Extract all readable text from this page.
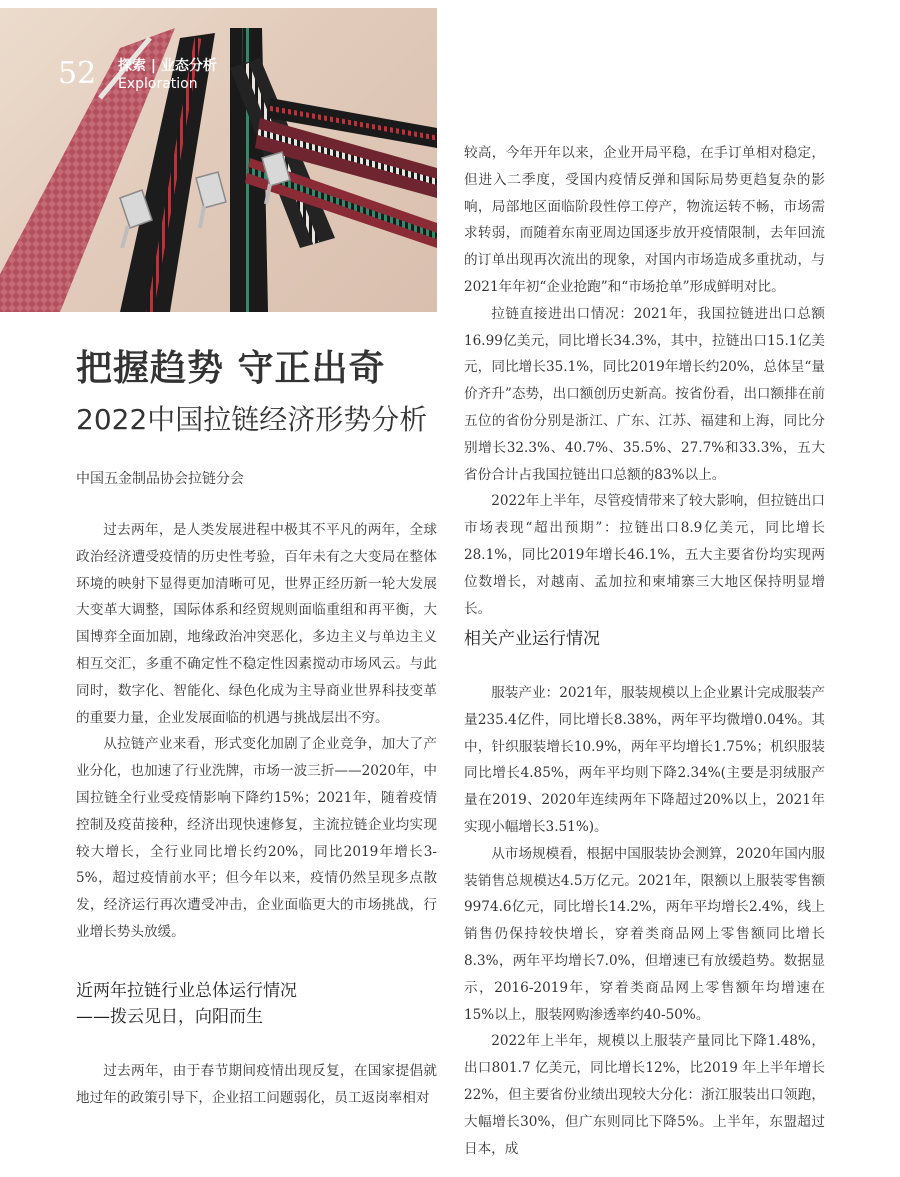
52 探索 | 业态分析
Exploration
把握趋势 守正出奇
2022中国拉链经济形势分析
中国五金制品协会拉链分会

过去两年，是人类发展进程中极其不平凡的两年，全球政治经济遭受疫情的历史性考验，百年未有之大变局在整体环境的映射下显得更加清晰可见，世界正经历新一轮大发展大变革大调整，国际体系和经贸规则面临重组和再平衡，大国博弈全面加剧，地缘政治冲突恶化，多边主义与单边主义相互交汇，多重不确定性不稳定性因素搅动市场风云。与此同时，数字化、智能化、绿色化成为主导商业世界科技变革的重要力量，企业发展面临的机遇与挑战层出不穷。

从拉链产业来看，形式变化加剧了企业竞争，加大了产业分化，也加速了行业洗牌，市场一波三折——2020年，中国拉链全行业受疫情影响下降约15%；2021年，随着疫情控制及疫苗接种，经济出现快速修复，主流拉链企业均实现较大增长，全行业同比增长约20%，同比2019年增长3-5%，超过疫情前水平；但今年以来，疫情仍然呈现多点散发，经济运行再次遭受冲击，企业面临更大的市场挑战，行业增长势头放缓。

近两年拉链行业总体运行情况
——拨云见日，向阳而生

过去两年，由于春节期间疫情出现反复，在国家提倡就地过年的政策引导下，企业招工问题弱化，员工返岗率相对

较高，今年开年以来，企业开局平稳，在手订单相对稳定，但进入二季度，受国内疫情反弹和国际局势更趋复杂的影响，局部地区面临阶段性停工停产，物流运转不畅，市场需求转弱，而随着东南亚周边国逐步放开疫情限制，去年回流的订单出现再次流出的现象，对国内市场造成多重扰动，与2021年年初“企业抢跑”和“市场抢单”形成鲜明对比。

拉链直接进出口情况：2021年，我国拉链进出口总额16.99亿美元，同比增长34.3%，其中，拉链出口15.1亿美元，同比增长35.1%，同比2019年增长约20%，总体呈“量价齐升”态势，出口额创历史新高。按省份看，出口额排在前五位的省份分别是浙江、广东、江苏、福建和上海，同比分别增长32.3%、40.7%、35.5%、27.7%和33.3%，五大省份合计占我国拉链出口总额的83%以上。

2022年上半年，尽管疫情带来了较大影响，但拉链出口市场表现“超出预期”：拉链出口8.9亿美元，同比增长28.1%，同比2019年增长46.1%，五大主要省份均实现两位数增长，对越南、孟加拉和柬埔寨三大地区保持明显增长。

相关产业运行情况

服装产业：2021年，服装规模以上企业累计完成服装产量235.4亿件，同比增长8.38%，两年平均微增0.04%。其中，针织服装增长10.9%，两年平均增长1.75%；机织服装同比增长4.85%，两年平均则下降2.34%(主要是羽绒服产量在2019、2020年连续两年下降超过20%以上，2021年实现小幅增长3.51%)。

从市场规模看，根据中国服装协会测算，2020年国内服装销售总规模达4.5万亿元。2021年，限额以上服装零售额9974.6亿元，同比增长14.2%，两年平均增长2.4%，线上销售仍保持较快增长，穿着类商品网上零售额同比增长8.3%，两年平均增长7.0%，但增速已有放缓趋势。数据显示，2016-2019年，穿着类商品网上零售额年均增速在15%以上，服装网购渗透率约40-50%。

2022年上半年，规模以上服装产量同比下降1.48%，出口801.7 亿美元，同比增长12%，比2019 年上半年增长22%，但主要省份业绩出现较大分化：浙江服装出口领跑，大幅增长30%，但广东则同比下降5%。上半年，东盟超过日本，成
